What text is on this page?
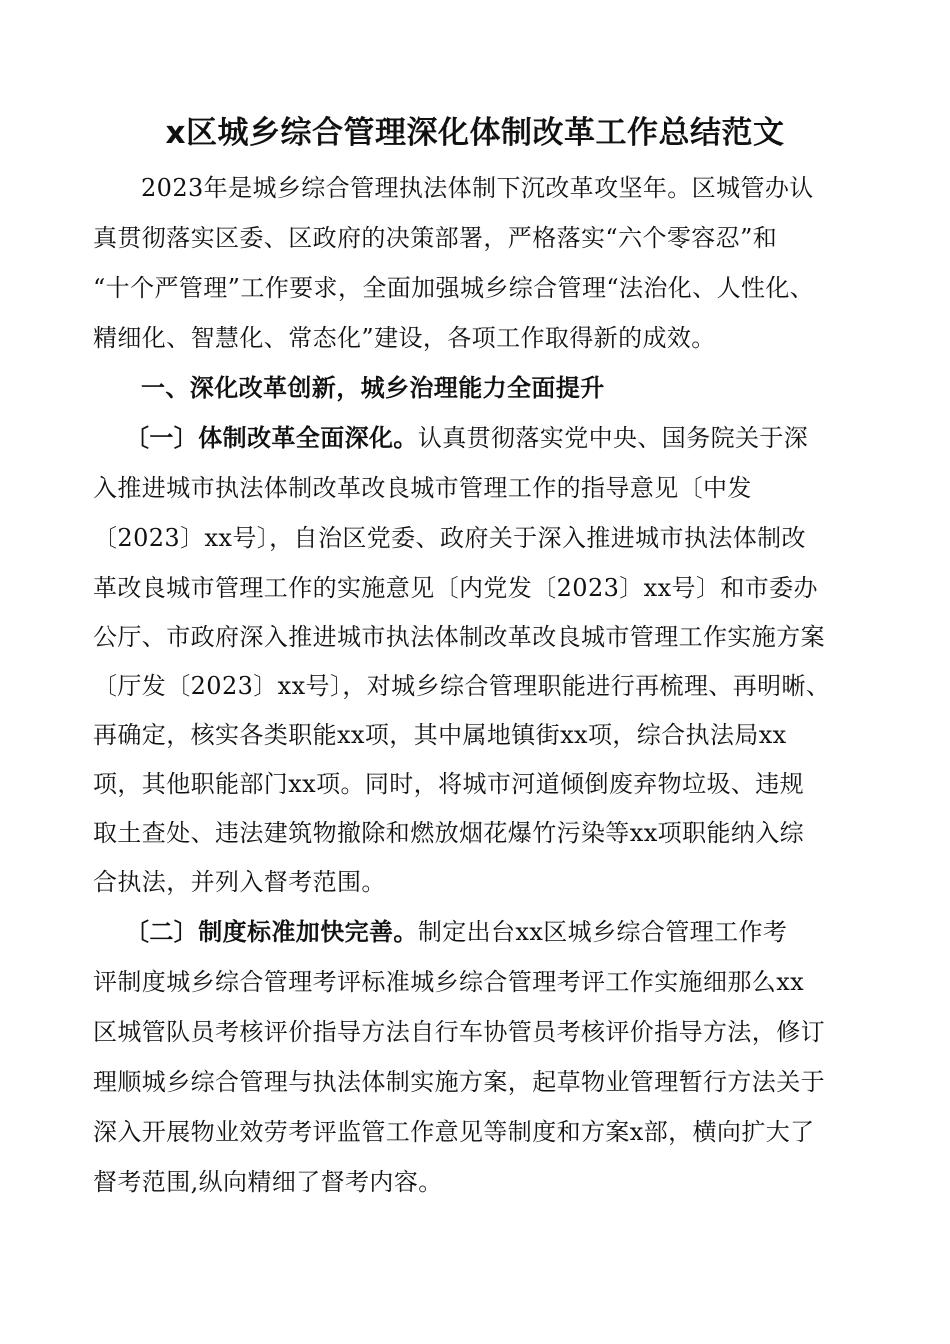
x区城乡综合管理深化体制改革工作总结范文
2023年是城乡综合管理执法体制下沉改革攻坚年。区城管办认
真贯彻落实区委、区政府的决策部署，严格落实“六个零容忍”和
“十个严管理”工作要求，全面加强城乡综合管理“法治化、人性化、
精细化、智慧化、常态化”建设，各项工作取得新的成效。
一、深化改革创新，城乡治理能力全面提升
〔一〕体制改革全面深化。认真贯彻落实党中央、国务院关于深
入推进城市执法体制改革改良城市管理工作的指导意见〔中发
〔2023〕xx号〕，自治区党委、政府关于深入推进城市执法体制改
革改良城市管理工作的实施意见〔内党发〔2023〕xx号〕和市委办
公厅、市政府深入推进城市执法体制改革改良城市管理工作实施方案
〔厅发〔2023〕xx号〕，对城乡综合管理职能进行再梳理、再明晰、
再确定，核实各类职能xx项，其中属地镇街xx项，综合执法局xx
项，其他职能部门xx项。同时，将城市河道倾倒废弃物垃圾、违规
取土查处、违法建筑物撤除和燃放烟花爆竹污染等xx项职能纳入综
合执法，并列入督考范围。
〔二〕制度标准加快完善。制定出台xx区城乡综合管理工作考
评制度城乡综合管理考评标准城乡综合管理考评工作实施细那么xx
区城管队员考核评价指导方法自行车协管员考核评价指导方法，修订
理顺城乡综合管理与执法体制实施方案，起草物业管理暂行方法关于
深入开展物业效劳考评监管工作意见等制度和方案x部，横向扩大了
督考范围,纵向精细了督考内容。
